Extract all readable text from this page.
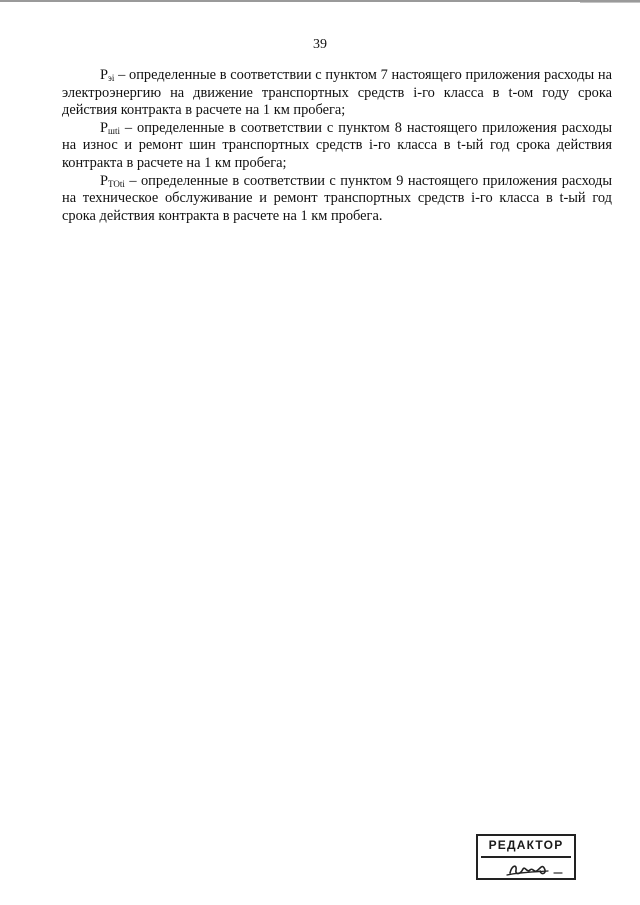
39

$Р_{эi}$ – определенные в соответствии с пунктом 7 настоящего приложения расходы на электроэнергию на движение транспортных средств i-го класса в t-ом году срока действия контракта в расчете на 1 км пробега;

$Р_{шti}$ – определенные в соответствии с пунктом 8 настоящего приложения расходы на износ и ремонт шин транспортных средств i-го класса в t-ый год срока действия контракта в расчете на 1 км пробега;

$Р_{ТОti}$ – определенные в соответствии с пунктом 9 настоящего приложения расходы на техническое обслуживание и ремонт транспортных средств i-го класса в t-ый год срока действия контракта в расчете на 1 км пробега.

РЕДАКТОР
